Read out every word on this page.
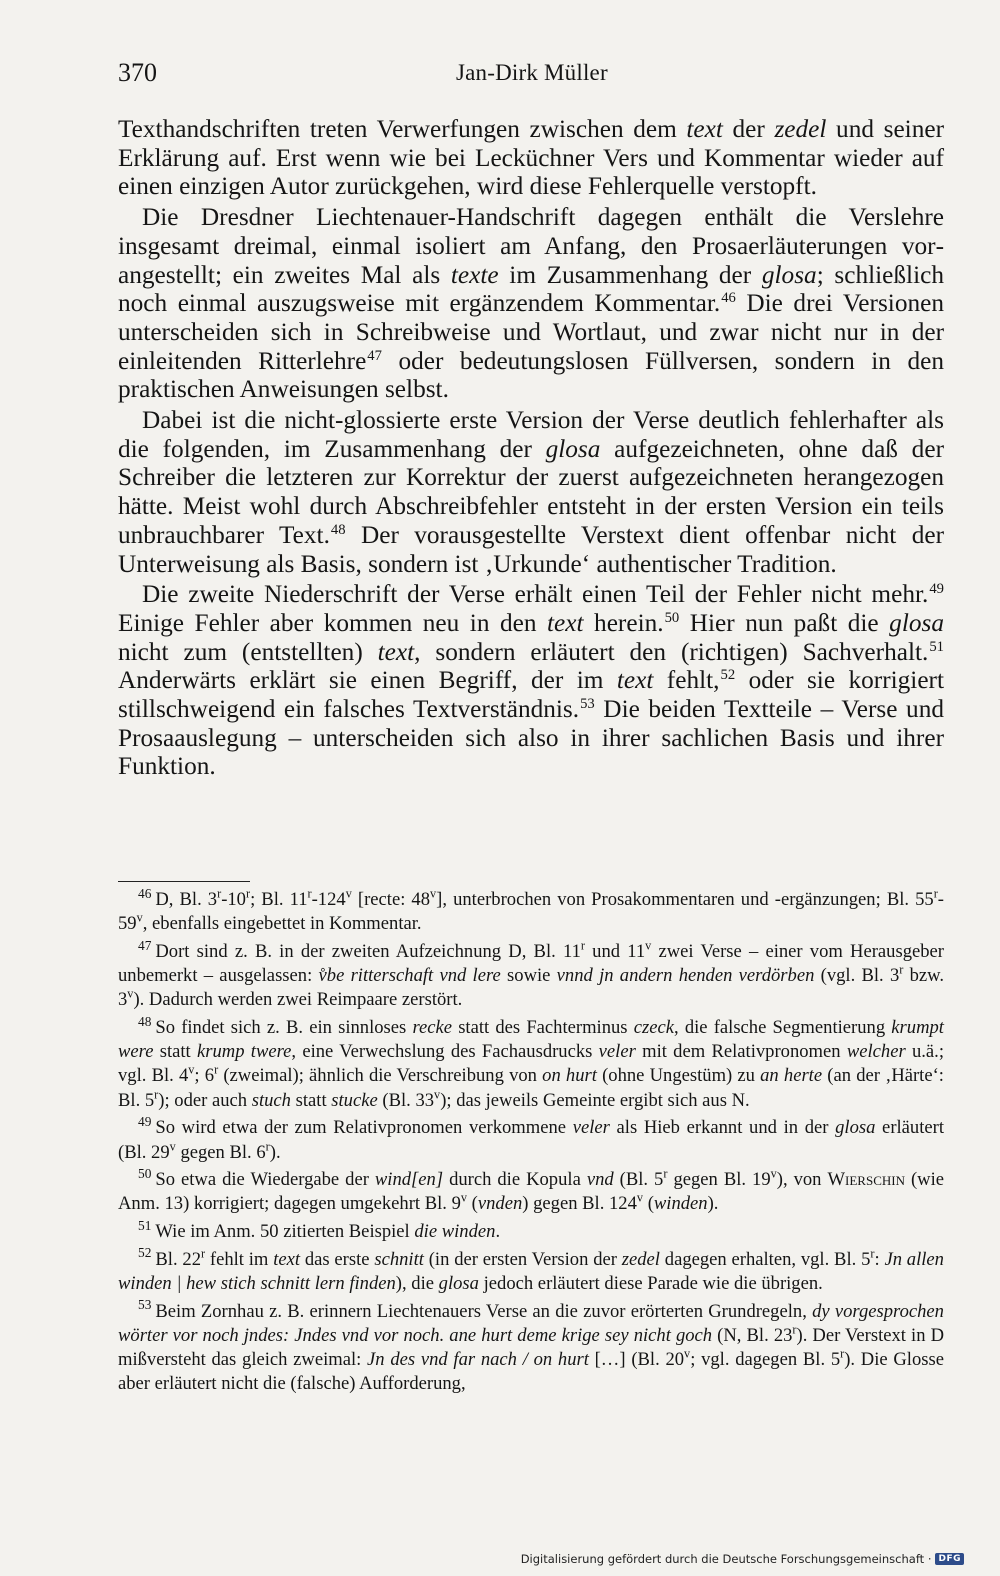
370	Jan-Dirk Müller

Texthandschriften treten Verwerfungen zwischen dem text der zedel und seiner Erklärung auf. Erst wenn wie bei Lecküchner Vers und Kommentar wieder auf einen einzigen Autor zurückgehen, wird diese Fehlerquelle verstopft.

Die Dresdner Liechtenauer-Handschrift dagegen enthält die Verslehre insgesamt dreimal, einmal isoliert am Anfang, den Prosaerläuterungen vorangestellt; ein zweites Mal als texte im Zusammenhang der glosa; schließlich noch einmal auszugsweise mit ergänzendem Kommentar.$^{46}$ Die drei Versionen unterscheiden sich in Schreibweise und Wortlaut, und zwar nicht nur in der einleitenden Ritterlehre$^{47}$ oder bedeutungslosen Füllversen, sondern in den praktischen Anweisungen selbst.

Dabei ist die nicht-glossierte erste Version der Verse deutlich fehlerhafter als die folgenden, im Zusammenhang der glosa aufgezeichneten, ohne daß der Schreiber die letzteren zur Korrektur der zuerst aufgezeichneten herangezogen hätte. Meist wohl durch Abschreibfehler entsteht in der ersten Version ein teils unbrauchbarer Text.$^{48}$ Der vorausgestellte Verstext dient offenbar nicht der Unterweisung als Basis, sondern ist ‚Urkunde‘ authentischer Tradition.

Die zweite Niederschrift der Verse erhält einen Teil der Fehler nicht mehr.$^{49}$ Einige Fehler aber kommen neu in den text herein.$^{50}$ Hier nun paßt die glosa nicht zum (entstellten) text, sondern erläutert den (richtigen) Sachverhalt.$^{51}$ Anderwärts erklärt sie einen Begriff, der im text fehlt,$^{52}$ oder sie korrigiert stillschweigend ein falsches Textverständnis.$^{53}$ Die beiden Textteile – Verse und Prosaauslegung – unterscheiden sich also in ihrer sachlichen Basis und ihrer Funktion.

$^{46}$ D, Bl. 3$^r$-10$^r$; Bl. 11$^r$-124$^v$ [recte: 48$^v$], unterbrochen von Prosakommentaren und -ergänzungen; Bl. 55$^r$-59$^v$, ebenfalls eingebettet in Kommentar.

$^{47}$ Dort sind z. B. in der zweiten Aufzeichnung D, Bl. 11$^r$ und 11$^v$ zwei Verse – einer vom Herausgeber unbemerkt – ausgelassen: v̊be ritterschaft vnd lere sowie vnnd jn andern henden verdörben (vgl. Bl. 3$^r$ bzw. 3$^v$). Dadurch werden zwei Reimpaare zerstört.

$^{48}$ So findet sich z. B. ein sinnloses recke statt des Fachterminus czeck, die falsche Segmentierung krumpt were statt krump twere, eine Verwechslung des Fachausdrucks veler mit dem Relativpronomen welcher u.ä.; vgl. Bl. 4$^v$; 6$^r$ (zweimal); ähnlich die Verschreibung von on hurt (ohne Ungestüm) zu an herte (an der ‚Härte‘: Bl. 5$^r$); oder auch stuch statt stucke (Bl. 33$^v$); das jeweils Gemeinte ergibt sich aus N.

$^{49}$ So wird etwa der zum Relativpronomen verkommene veler als Hieb erkannt und in der glosa erläutert (Bl. 29$^v$ gegen Bl. 6$^r$).

$^{50}$ So etwa die Wiedergabe der wind[en] durch die Kopula vnd (Bl. 5$^r$ gegen Bl. 19$^v$), von Wierschin (wie Anm. 13) korrigiert; dagegen umgekehrt Bl. 9$^v$ (vnden) gegen Bl. 124$^v$ (winden).

$^{51}$ Wie im Anm. 50 zitierten Beispiel die winden.

$^{52}$ Bl. 22$^r$ fehlt im text das erste schnitt (in der ersten Version der zedel dagegen erhalten, vgl. Bl. 5$^r$: Jn allen winden | hew stich schnitt lern finden), die glosa jedoch erläutert diese Parade wie die übrigen.

$^{53}$ Beim Zornhau z. B. erinnern Liechtenauers Verse an die zuvor erörterten Grundregeln, dy vorgesprochen wörter vor noch jndes: Jndes vnd vor noch. ane hurt deme krige sey nicht goch (N, Bl. 23$^r$). Der Verstext in D mißversteht das gleich zweimal: Jn des vnd far nach / on hurt […] (Bl. 20$^v$; vgl. dagegen Bl. 5$^r$). Die Glosse aber erläutert nicht die (falsche) Aufforderung,

Digitalisierung gefördert durch die Deutsche Forschungsgemeinschaft · DFG
